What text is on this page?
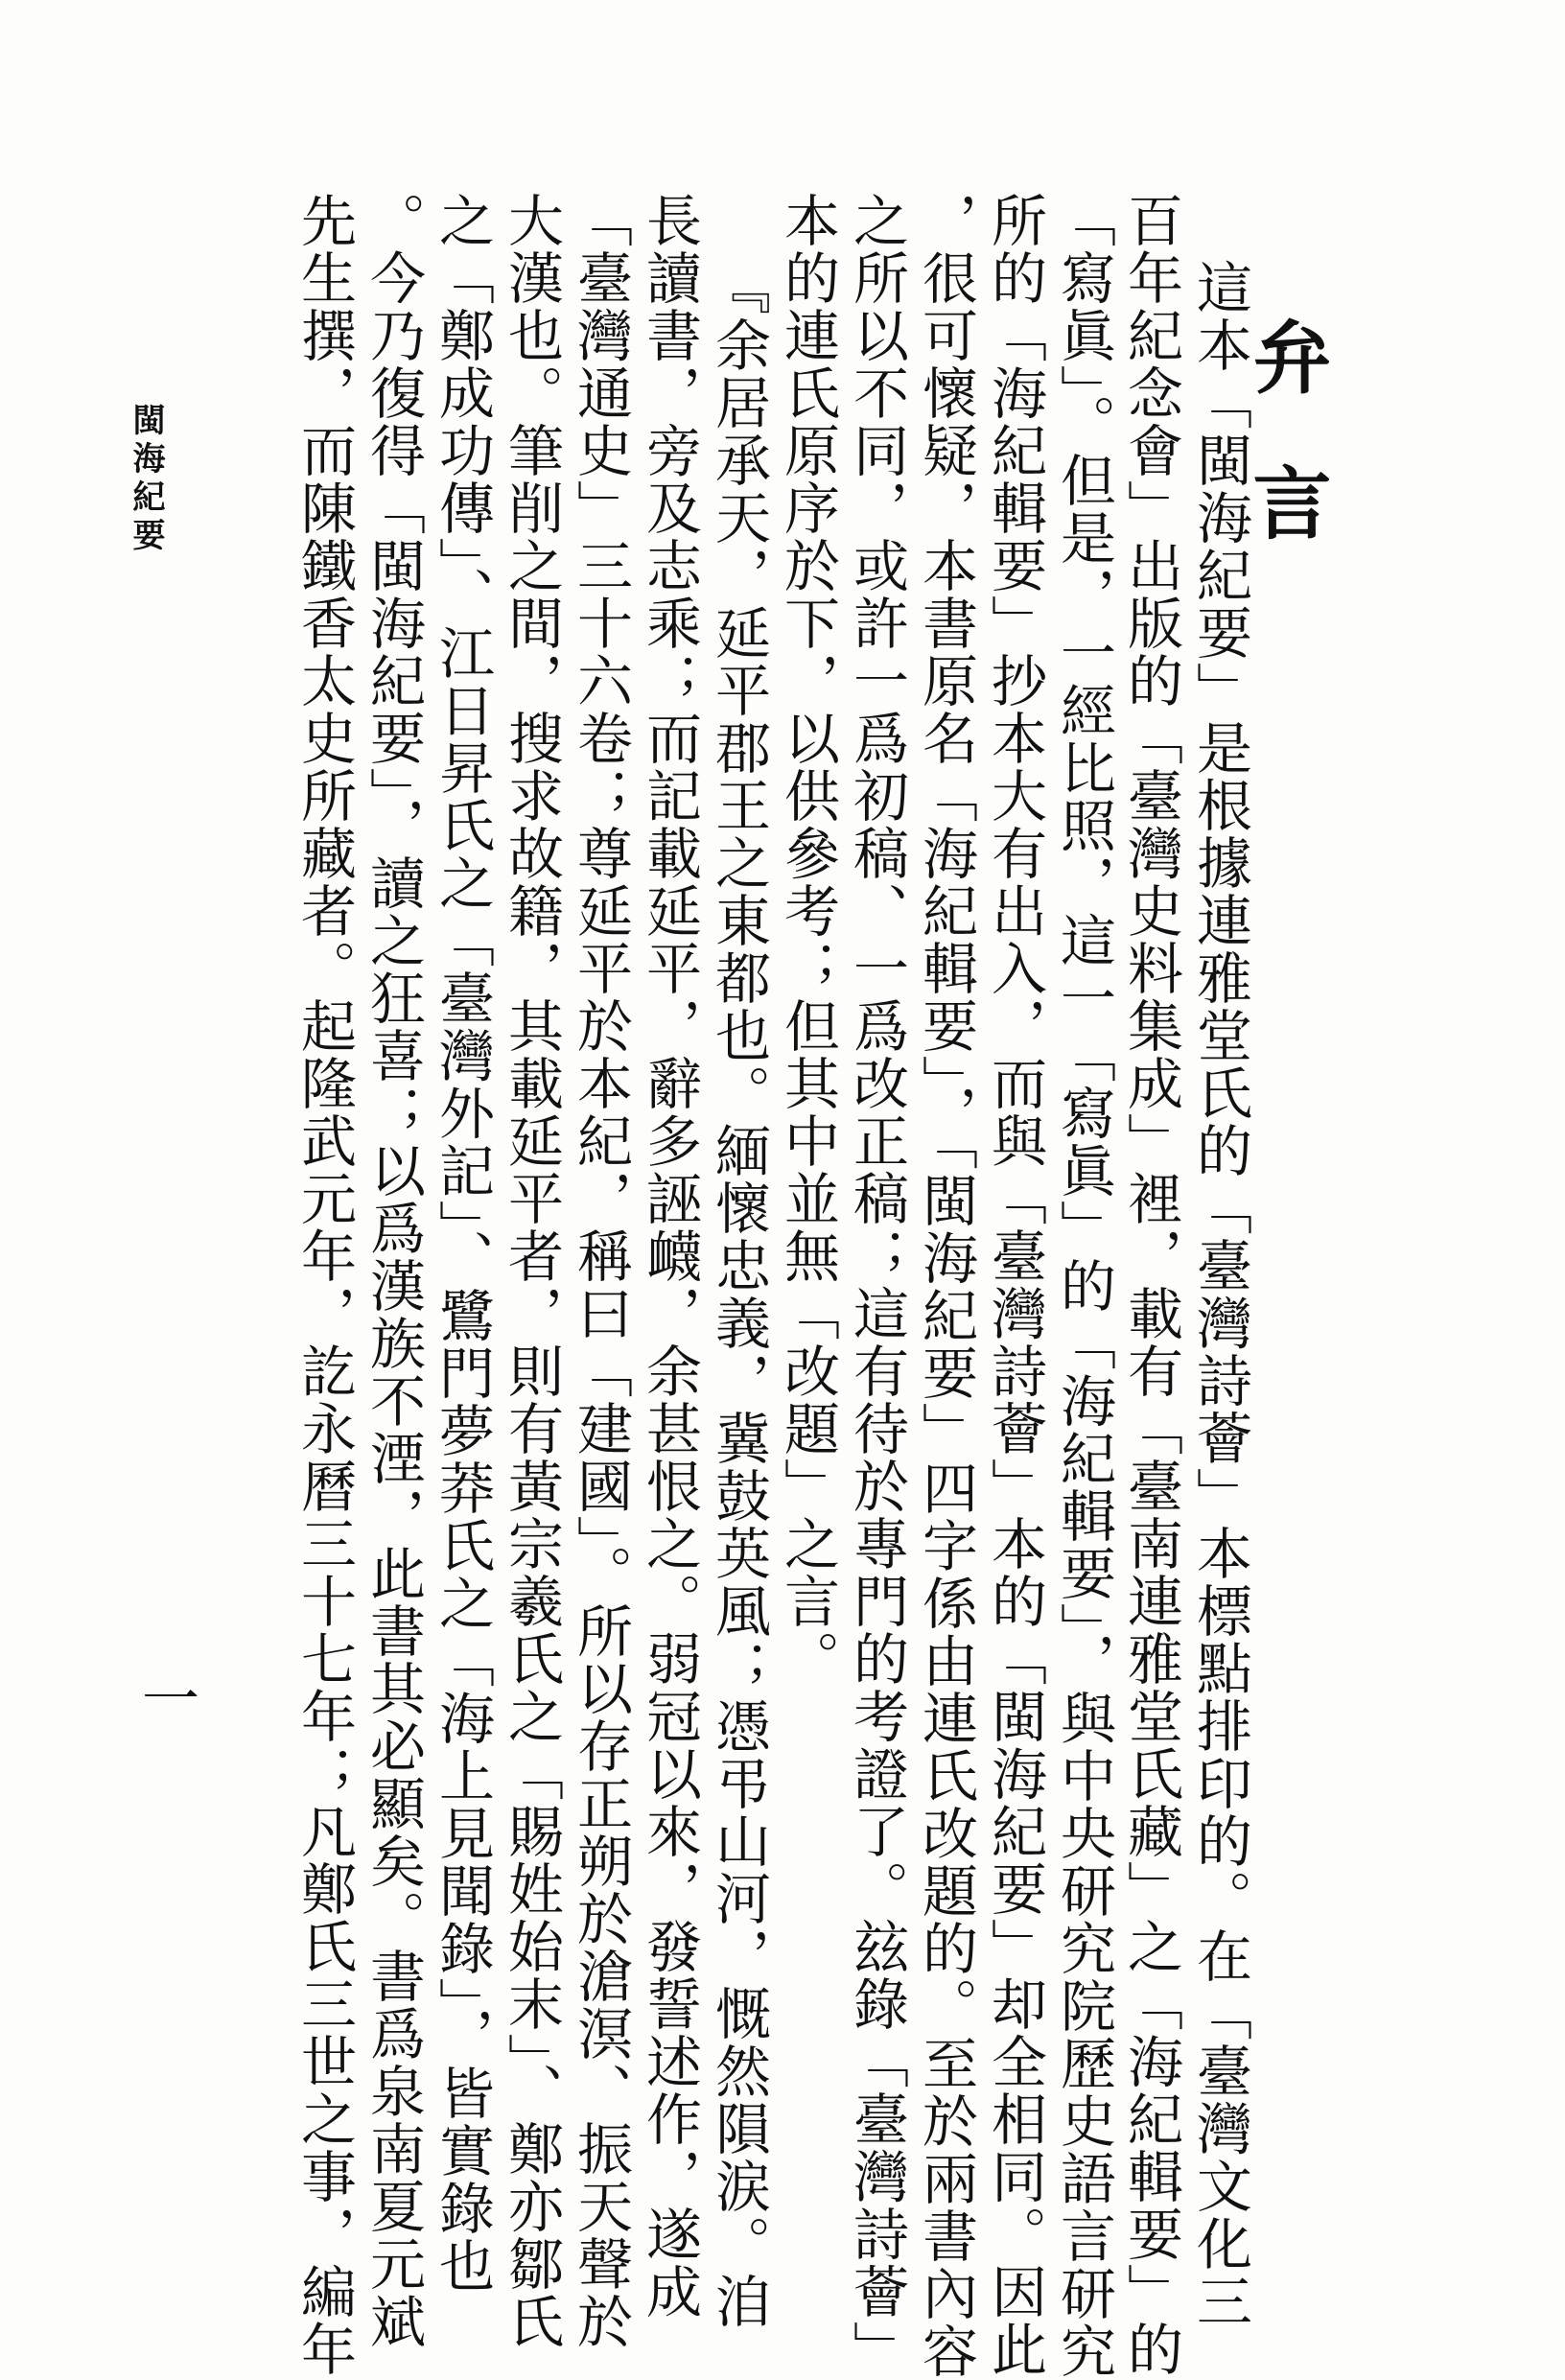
弁言
這本「閩海紀要」是根據連雅堂氏的「臺灣詩薈」本標點排印的。在「臺灣文化三
百年紀念會」出版的「臺灣史料集成」裡，載有「臺南連雅堂氏藏」之「海紀輯要」的
「寫眞」。但是，一經比照，這一「寫眞」的「海紀輯要」，與中央研究院歷史語言研究
所的「海紀輯要」抄本大有出入，而與「臺灣詩薈」本的「閩海紀要」却全相同。因此
，很可懷疑，本書原名「海紀輯要」，「閩海紀要」四字係由連氏改題的。至於兩書內容
之所以不同，或許一爲初稿、一爲改正稿；這有待於專門的考證了。玆錄「臺灣詩薈」
本的連氏原序於下，以供參考；但其中並無「改題」之言。
『余居承天，延平郡王之東都也。緬懷忠義，冀鼓英風；憑弔山河，慨然隕涙。洎
長讀書，旁及志乘；而記載延平，辭多誣衊，余甚恨之。弱冠以來，發誓述作，遂成
「臺灣通史」三十六卷；尊延平於本紀，稱曰「建國」。所以存正朔於滄溟、振天聲於
大漢也。筆削之間，搜求故籍，其載延平者，則有黃宗羲氏之「賜姓始末」、鄭亦鄒氏
之「鄭成功傳」、江日昇氏之「臺灣外記」、鷺門夢莽氏之「海上見聞錄」，皆實錄也
。今乃復得「閩海紀要」，讀之狂喜；以爲漢族不湮，此書其必顯矣。書爲泉南夏元斌
先生撰，而陳鐵香太史所藏者。起隆武元年，訖永曆三十七年；凡鄭氏三世之事，編年
閩海紀要
一
